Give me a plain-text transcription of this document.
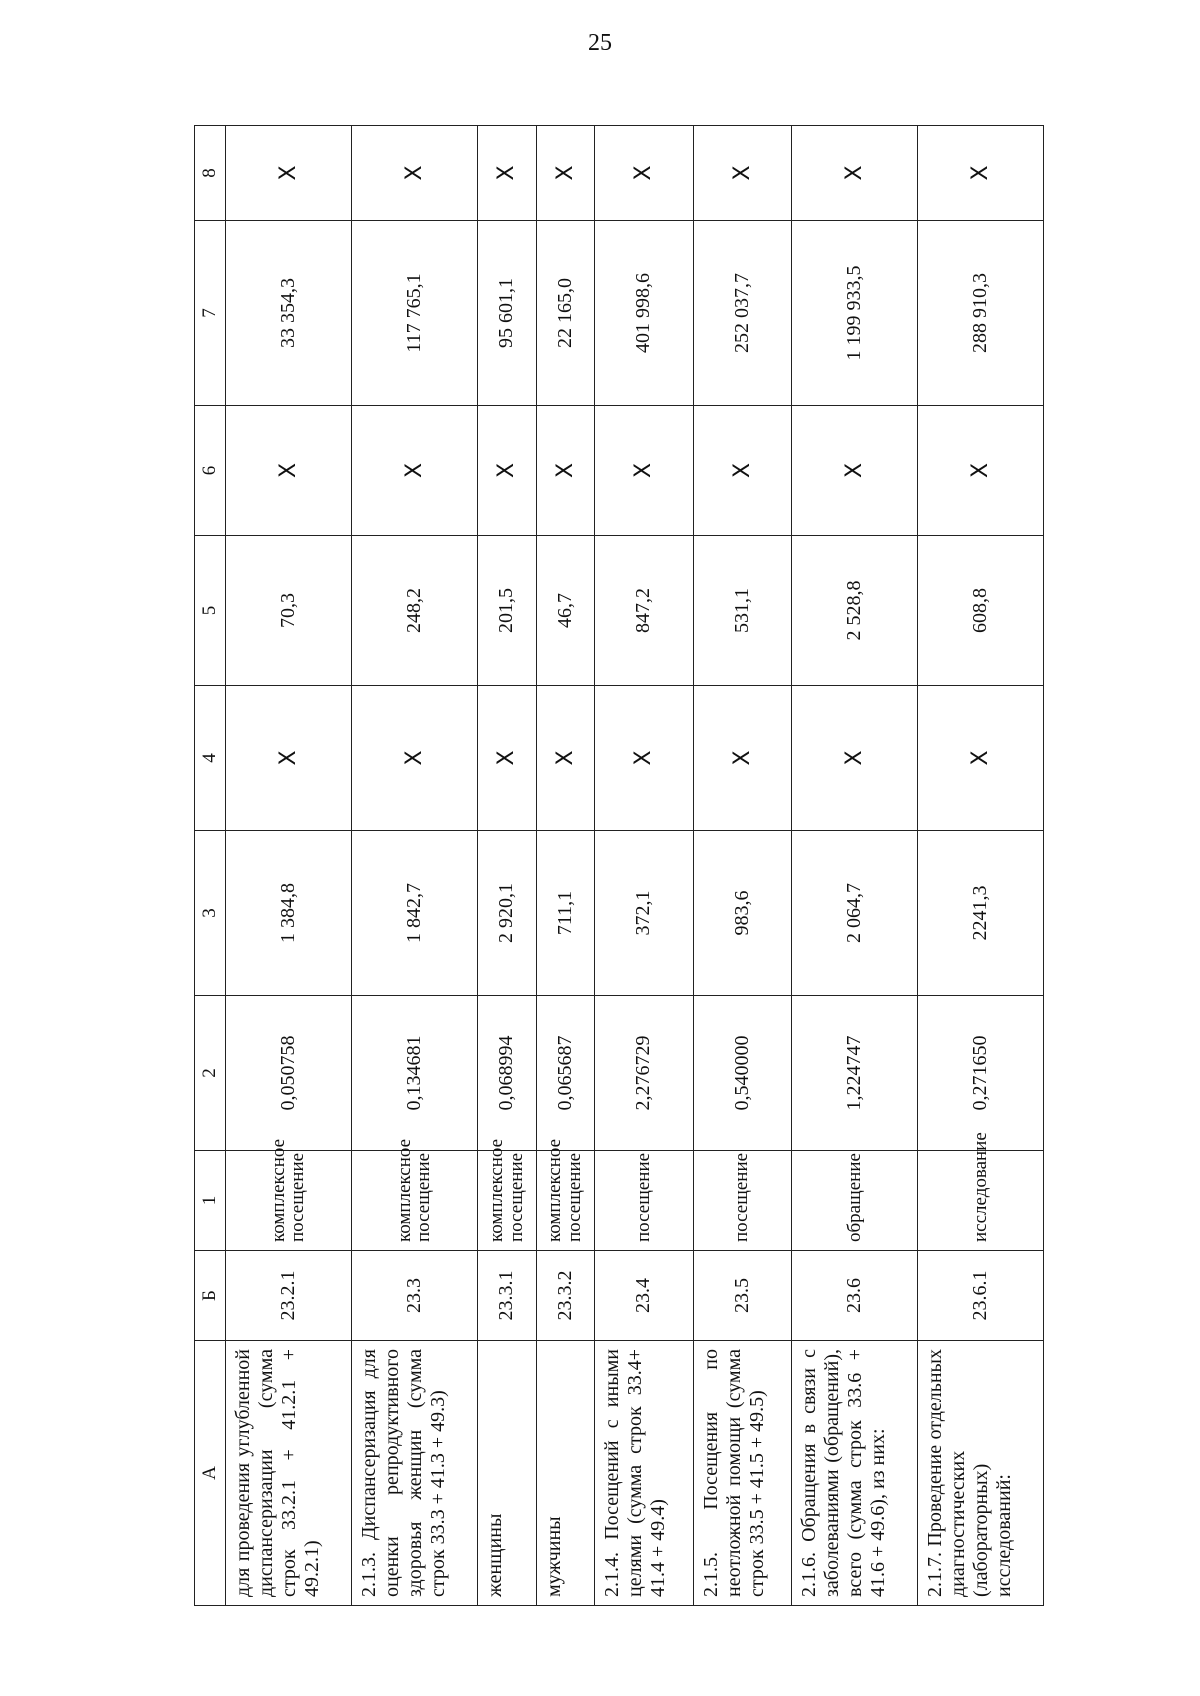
25
А	Б	1	2	3	4	5	6	7	8
для проведения углубленной диспансеризации (сумма строк 33.2.1 + 41.2.1 + 49.2.1)	23.2.1	комплексное посещение	0,050758	1 384,8	X	70,3	X	33 354,3	X
2.1.3. Диспансеризация для оценки репродуктивного здоровья женщин (сумма строк 33.3 + 41.3 + 49.3)	23.3	комплексное посещение	0,134681	1 842,7	X	248,2	X	117 765,1	X
женщины	23.3.1	комплексное посещение	0,068994	2 920,1	X	201,5	X	95 601,1	X
мужчины	23.3.2	комплексное посещение	0,065687	711,1	X	46,7	X	22 165,0	X
2.1.4. Посещений с иными целями (сумма строк 33.4+ 41.4 + 49.4)	23.4	посещение	2,276729	372,1	X	847,2	X	401 998,6	X
2.1.5. Посещения по неотложной помощи (сумма строк 33.5 + 41.5 + 49.5)	23.5	посещение	0,540000	983,6	X	531,1	X	252 037,7	X
2.1.6. Обращения в связи с заболеваниями (обращений), всего (сумма строк 33.6 + 41.6 + 49.6), из них:	23.6	обращение	1,224747	2 064,7	X	2 528,8	X	1 199 933,5	X
2.1.7. Проведение отдельных диагностических (лабораторных) исследований:	23.6.1	исследование	0,271650	2241,3	X	608,8	X	288 910,3	X
